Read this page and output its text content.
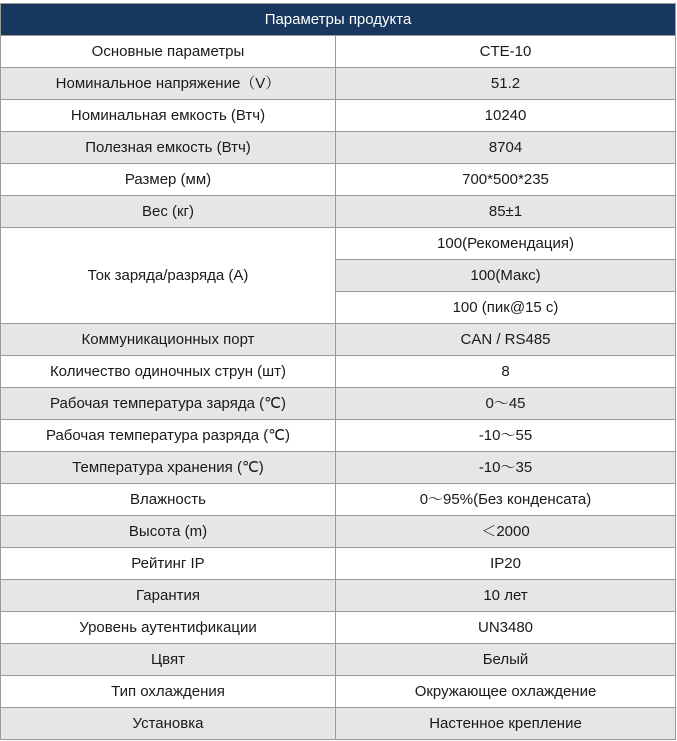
Параметры продукта	
Основные параметры	CTE-10
Номинальное напряжение（V）	51.2
Номинальная емкость (Втч)	10240
Полезная емкость (Втч)	8704
Размер (мм)	700*500*235
Вес (кг)	85±1
Ток заряда/разряда (A)	100(Рекомендация)
	100(Макс)
	100 (пик@15 с)
Коммуникационных порт	CAN / RS485
Количество одиночных струн (шт)	8
Рабочая температура заряда (℃)	0～45
Рабочая температура разряда (℃)	-10～55
Температура хранения (℃)	-10～35
Влажность	0～95%(Без конденсата)
Высота (m)	＜2000
Рейтинг IP	IP20
Гарантия	10 лет
Уровень аутентификации	UN3480
Цвят	Белый
Тип охлаждения	Окружающее охлаждение
Установка	Настенное крепление
